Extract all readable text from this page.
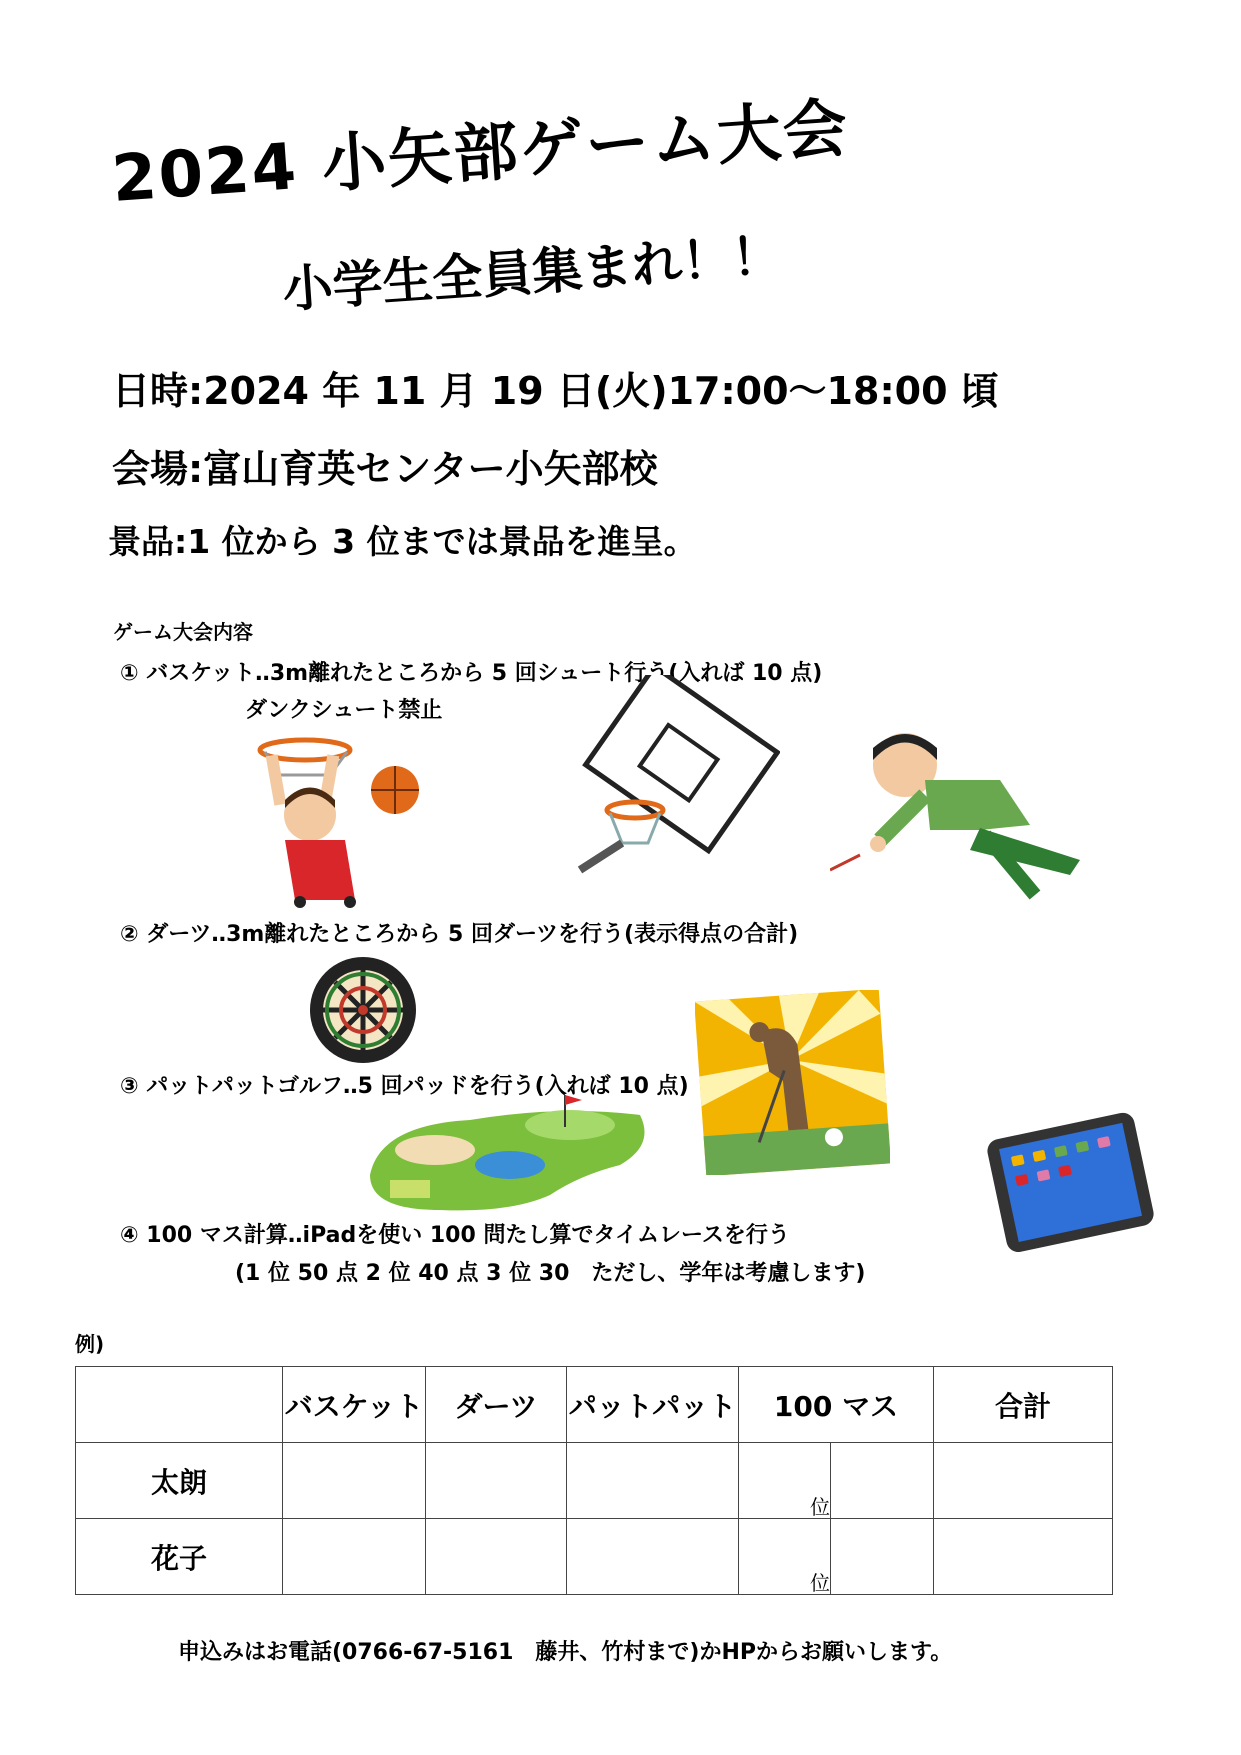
2024 小矢部ゲーム大会
小学生全員集まれ！！
日時:2024 年 11 月 19 日(火)17:00～18:00 頃
会場:富山育英センター小矢部校
景品:1 位から 3 位までは景品を進呈。
ゲーム大会内容
① バスケット‥3m離れたところから 5 回シュート行う(入れば 10 点)
ダンクシュート禁止
② ダーツ‥3m離れたところから 5 回ダーツを行う(表示得点の合計)
③ パットパットゴルフ‥5 回パッドを行う(入れば 10 点)
④ 100 マス計算‥iPadを使い 100 問たし算でタイムレースを行う
(1 位 50 点 2 位 40 点 3 位 30　ただし、学年は考慮します)
例)
	バスケット	ダーツ	パットパット	100 マス		合計
太朗				$_位$		
花子				$_位$		
申込みはお電話(0766-67-5161　藤井、竹村まで)かHPからお願いします。
